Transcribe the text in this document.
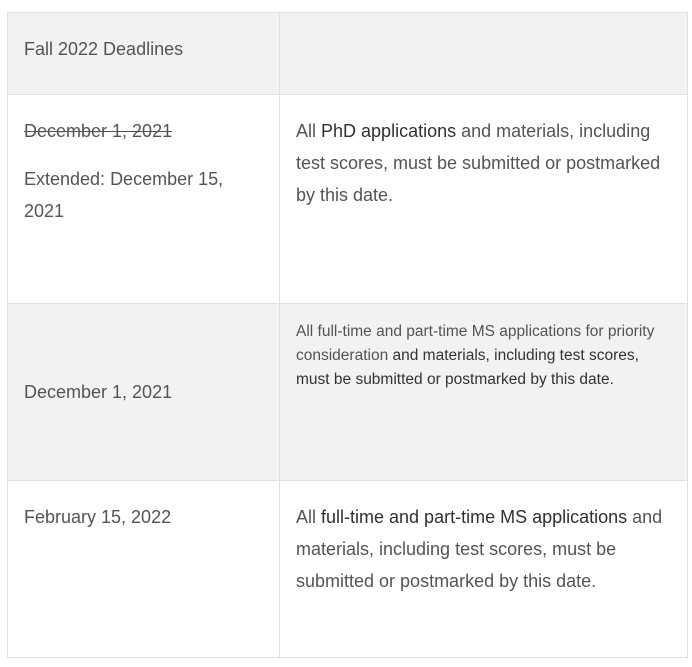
Fall 2022 Deadlines	

December 1, 2021
Extended: December 15, 2021	All PhD applications and materials, including test scores, must be submitted or postmarked by this date.

December 1, 2021	All full-time and part-time MS applications for priority consideration and materials, including test scores, must be submitted or postmarked by this date.

February 15, 2022	All full-time and part-time MS applications and materials, including test scores, must be submitted or postmarked by this date.
